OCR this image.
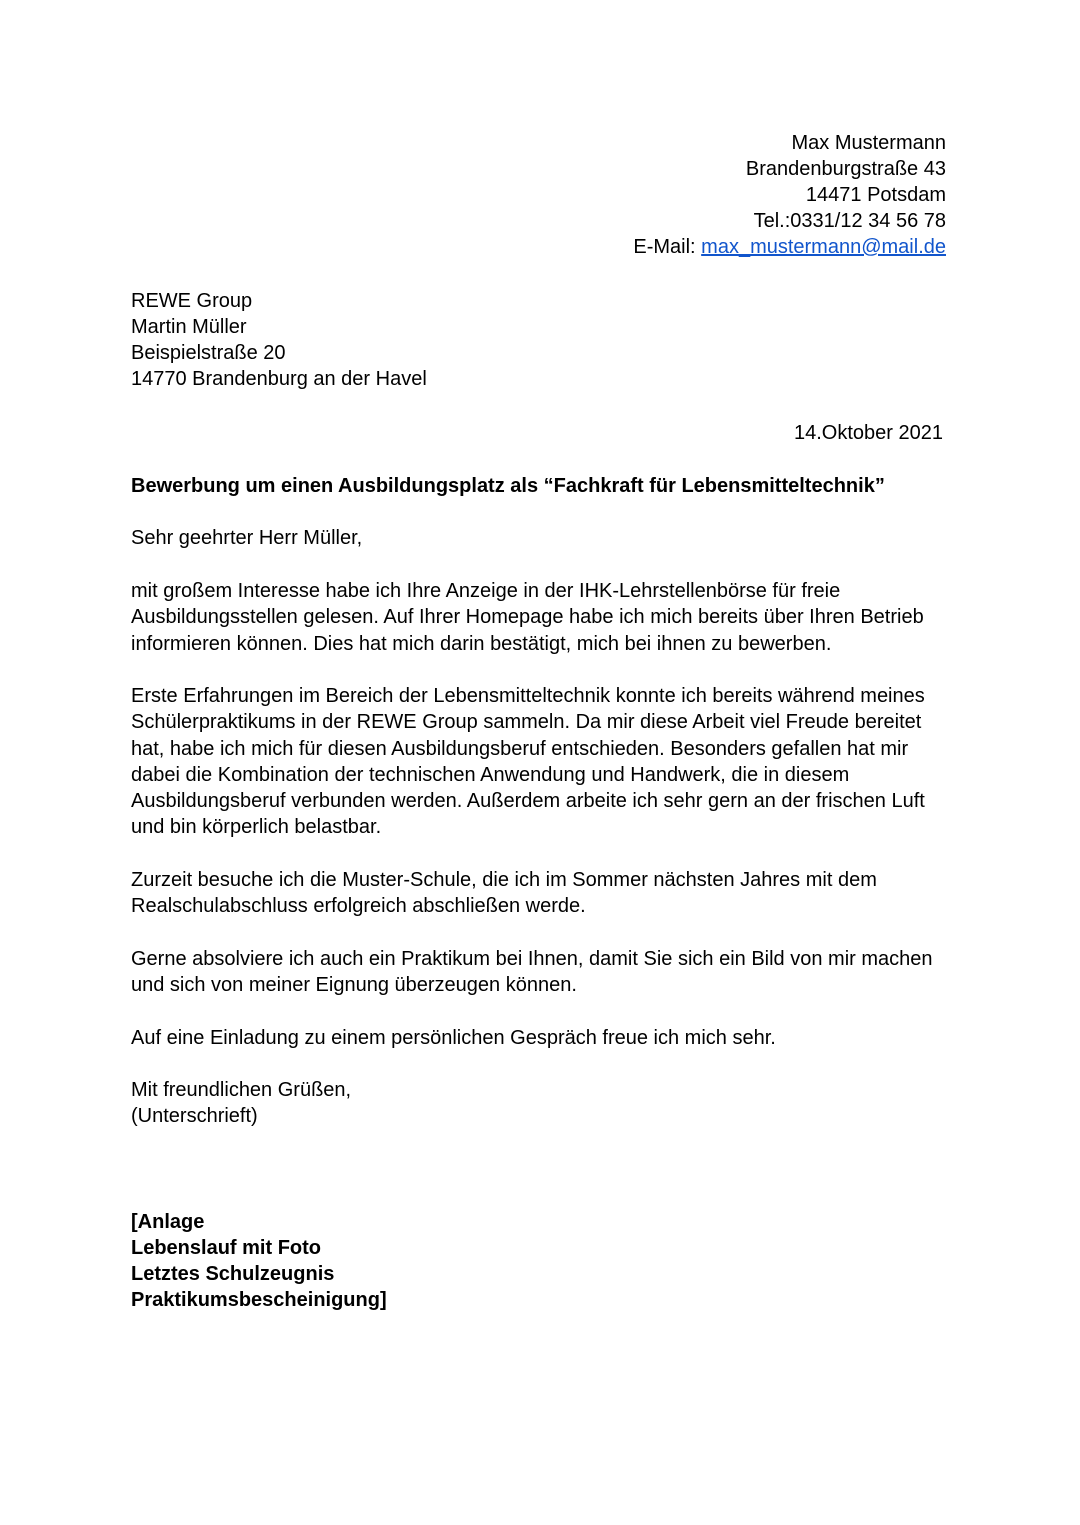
Max Mustermann
Brandenburgstraße 43
14471 Potsdam
Tel.:0331/12 34 56 78
E-Mail: max_mustermann@mail.de
REWE Group
Martin Müller
Beispielstraße 20
14770 Brandenburg an der Havel
14.Oktober 2021
Bewerbung um einen Ausbildungsplatz als “Fachkraft für Lebensmitteltechnik”
Sehr geehrter Herr Müller,

mit großem Interesse habe ich Ihre Anzeige in der IHK-Lehrstellenbörse für freie

Ausbildungsstellen gelesen. Auf Ihrer Homepage habe ich mich bereits über Ihren Betrieb

informieren können. Dies hat mich darin bestätigt, mich bei ihnen zu bewerben.

Erste Erfahrungen im Bereich der Lebensmitteltechnik konnte ich bereits während meines

Schülerpraktikums in der REWE Group sammeln. Da mir diese Arbeit viel Freude bereitet

hat, habe ich mich für diesen Ausbildungsberuf entschieden. Besonders gefallen hat mir

dabei die Kombination der technischen Anwendung und Handwerk, die in diesem

Ausbildungsberuf verbunden werden. Außerdem arbeite ich sehr gern an der frischen Luft

und bin körperlich belastbar.

Zurzeit besuche ich die Muster-Schule, die ich im Sommer nächsten Jahres mit dem

Realschulabschluss erfolgreich abschließen werde.

Gerne absolviere ich auch ein Praktikum bei Ihnen, damit Sie sich ein Bild von mir machen

und sich von meiner Eignung überzeugen können.

Auf eine Einladung zu einem persönlichen Gespräch freue ich mich sehr.

Mit freundlichen Grüßen,
(Unterschrieft)
[Anlage
Lebenslauf mit Foto
Letztes Schulzeugnis
Praktikumsbescheinigung]
